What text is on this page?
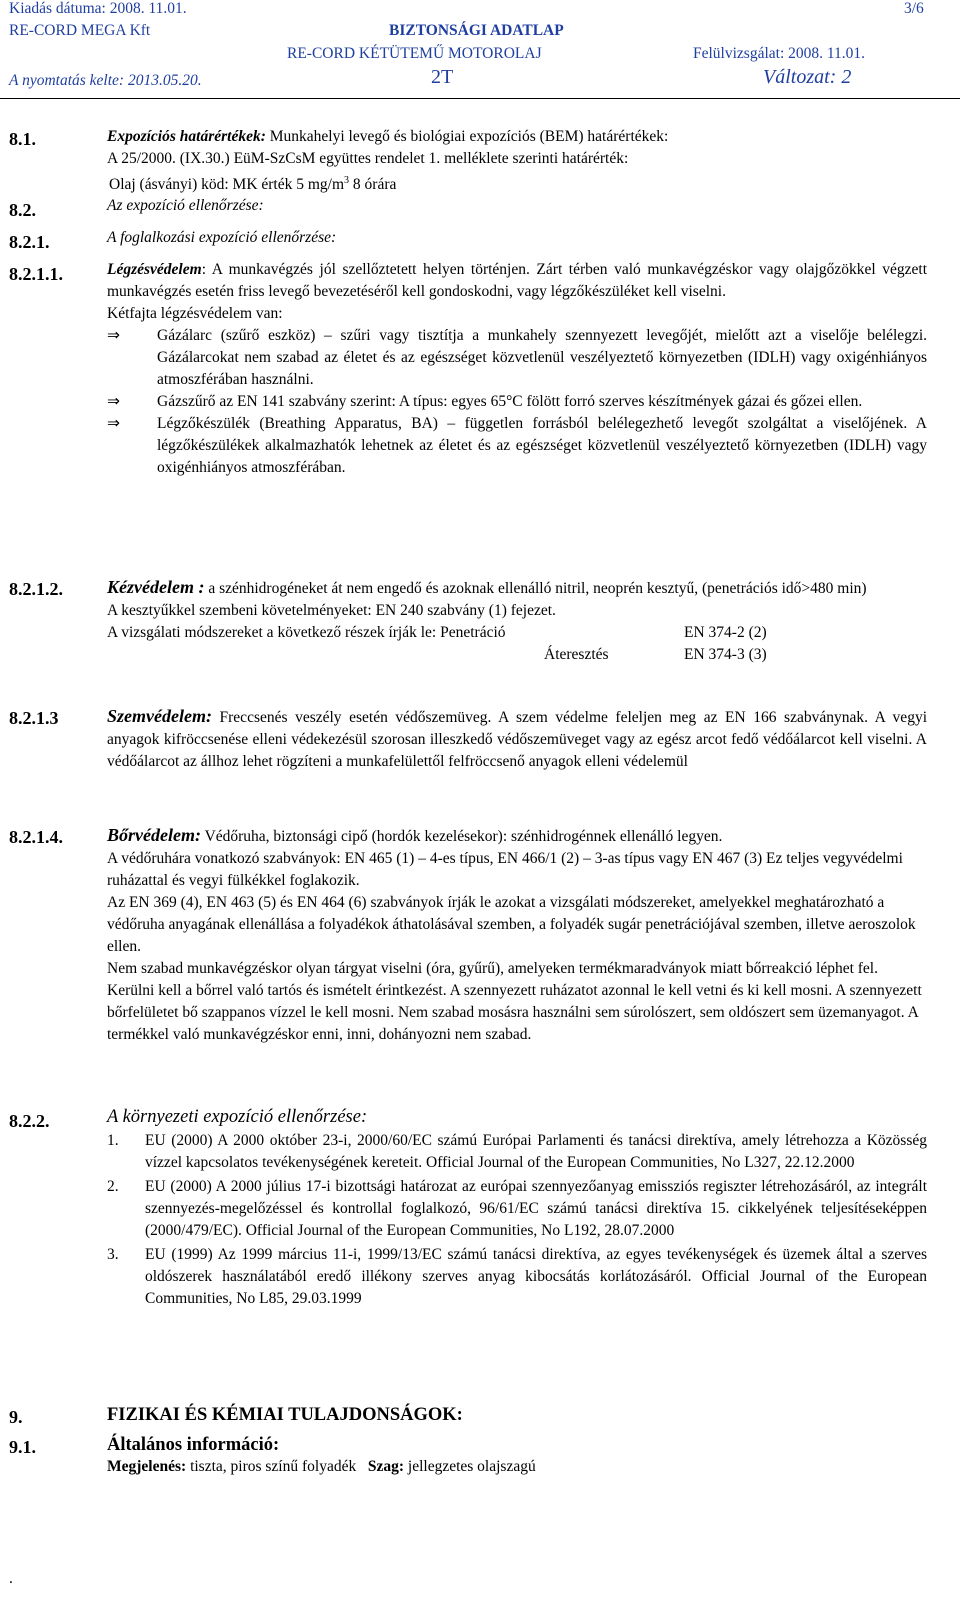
Kiadás dátuma: 2008. 11.01.	3/6
RE-CORD MEGA Kft	BIZTONSÁGI ADATLAP
RE-CORD KÉTÜTEMŰ MOTOROLAJ	Felülvizsgálat: 2008. 11.01.
A nyomtatás kelte: 2013.05.20.	2T	Változat: 2
8.1.	Expozíciós határértékek: Munkahelyi levegő és biológiai expozíciós (BEM) határértékek:

A 25/2000. (IX.30.) EüM-SzCsM együttes rendelet 1. melléklete szerinti határérték:

Olaj (ásványi) köd: MK érték 5 $mg/m^3$ 8 órára

8.2.	Az expozíció ellenőrzése:
8.2.1.	A foglalkozási expozíció ellenőrzése:
8.2.1.1.	Légzésvédelem: A munkavégzés jól szellőztetett helyen történjen. Zárt térben való munkavégzéskor vagy olajgőzökkel végzett munkavégzés esetén friss levegő bevezetéséről kell gondoskodni, vagy légzőkészüléket kell viselni.

Kétfajta légzésvédelem van:

⇒	Gázálarc (szűrő eszköz) – szűri vagy tisztítja a munkahely szennyezett levegőjét, mielőtt azt a viselője belélegzi. Gázálarcokat nem szabad az életet és az egészséget közvetlenül veszélyeztető környezetben (IDLH) vagy oxigénhiányos atmoszférában használni.
⇒	Gázszűrő az EN 141 szabvány szerint: A típus: egyes 65°C fölött forró szerves készítmények gázai és gőzei ellen.
⇒	Légzőkészülék (Breathing Apparatus, BA) – független forrásból belélegezhető levegőt szolgáltat a viselőjének. A légzőkészülékek alkalmazhatók lehetnek az életet és az egészséget közvetlenül veszélyeztető környezetben (IDLH) vagy oxigénhiányos atmoszférában.
8.2.1.2. Kézvédelem : a szénhidrogéneket át nem engedő és azoknak ellenálló nitril, neoprén kesztyű, (penetrációs idő>480 min)

A kesztyűkkel szembeni követelményeket: EN 240 szabvány (1) fejezet.

A vizsgálati módszereket a következő részek írják le: Penetráció	EN 374-2 (2)

Áteresztés	EN 374-3 (3)

8.2.1.3	Szemvédelem: Freccsenés veszély esetén védőszemüveg. A szem védelme feleljen meg az EN 166 szabványnak. A vegyi anyagok kifröccsenése elleni védekezésül szorosan illeszkedő védőszemüveget vagy az egész arcot fedő védőálarcot kell viselni. A védőálarcot az állhoz lehet rögzíteni a munkafelülettől felfröccsenő anyagok elleni védelemül

8.2.1.4. Bőrvédelem: Védőruha, biztonsági cipő (hordók kezelésekor): szénhidrogénnek ellenálló legyen.

A védőruhára vonatkozó szabványok: EN 465 (1) – 4-es típus, EN 466/1 (2) – 3-as típus vagy EN 467 (3) Ez teljes vegyvédelmi ruházattal és vegyi fülkékkel foglakozik.

Az EN 369 (4), EN 463 (5) és EN 464 (6) szabványok írják le azokat a vizsgálati módszereket, amelyekkel meghatározható a védőruha anyagának ellenállása a folyadékok áthatolásával szemben, a folyadék sugár penetrációjával szemben, illetve aeroszolok ellen.

Nem szabad munkavégzéskor olyan tárgyat viselni (óra, gyűrű), amelyeken termékmaradványok miatt bőrreakció léphet fel.

Kerülni kell a bőrrel való tartós és ismételt érintkezést. A szennyezett ruházatot azonnal le kell vetni és ki kell mosni. A szennyezett bőrfelületet bő szappanos vízzel le kell mosni. Nem szabad mosásra használni sem súrolószert, sem oldószert sem üzemanyagot. A termékkel való munkavégzéskor enni, inni, dohányozni nem szabad.

8.2.2.	A környezeti expozíció ellenőrzése:

1.	EU (2000) A 2000 október 23-i, 2000/60/EC számú Európai Parlamenti és tanácsi direktíva, amely létrehozza a Közösség vízzel kapcsolatos tevékenységének kereteit. Official Journal of the European Communities, No L327, 22.12.2000
2.	EU (2000) A 2000 július 17-i bizottsági határozat az európai szennyezőanyag emissziós regiszter létrehozásáról, az integrált szennyezés-megelőzéssel és kontrollal foglalkozó, 96/61/EC számú tanácsi direktíva 15. cikkelyének teljesítéseképpen (2000/479/EC). Official Journal of the European Communities, No L192, 28.07.2000
3.	EU (1999) Az 1999 március 11-i, 1999/13/EC számú tanácsi direktíva, az egyes tevékenységek és üzemek által a szerves oldószerek használatából eredő illékony szerves anyag kibocsátás korlátozásáról. Official Journal of the European Communities, No L85, 29.03.1999
9.	FIZIKAI ÉS KÉMIAI TULAJDONSÁGOK:
9.1.	Általános információ:

Megjelenés: tiszta, piros színű folyadék Szag: jellegzetes olajszagú

.
